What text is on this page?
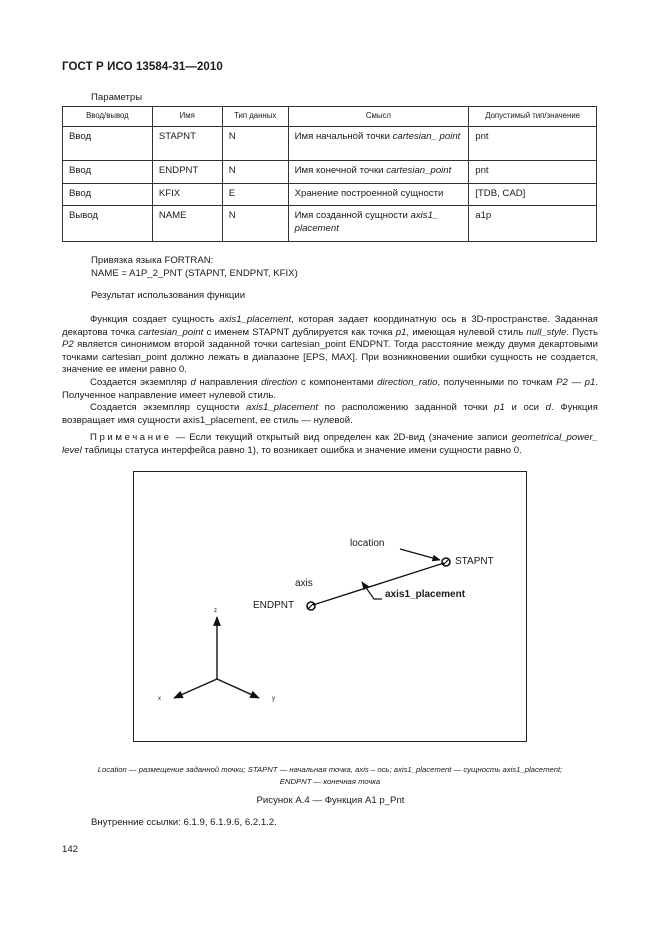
ГОСТ Р ИСО 13584-31—2010
Параметры
Ввод/вывод	Имя	Тип данных	Смысл	Допустимый тип/значение
Ввод	STAPNT	N	Имя начальной точки cartesian_ point	pnt
Ввод	ENDPNT	N	Имя конечной точки cartesian_point	pnt
Ввод	KFIX	E	Хранение построенной сущности	[TDB, CAD]
Вывод	NAME	N	Имя созданной сущности axis1_ placement	a1p
Привязка языка FORTRAN:
NAME = A1P_2_PNT (STAPNT, ENDPNT, KFIX)
Результат использования функции

Функция создает сущность axis1_placement, которая задает координатную ось в 3D-пространстве. Заданная декартова точка cartesian_point с именем STAPNT дублируется как точка p1, имеющая нулевой стиль null_style. Пусть P2 является синонимом второй заданной точки cartesian_point ENDPNT. Тогда расстояние между двумя декартовыми точками cartesian_point должно лежать в диапазоне [EPS, MAX]. При возникновении ошибки сущность не создается, значение ее имени равно 0.

Создается экземпляр d направления direction с компонентами direction_ratio, полученными по точкам P2 — p1. Полученное направление имеет нулевой стиль.

Создается экземпляр сущности axis1_placement по расположению заданной точки p1 и оси d. Функция возвращает имя сущности axis1_placement, ее стиль — нулевой.

Примечание — Если текущий открытый вид определен как 2D-вид (значение записи geometrical_power_ level таблицы статуса интерфейса равно 1), то возникает ошибка и значение имени сущности равно 0.

location
STAPNT
axis
ENDPNT
axis1_placement
z
x	y
Location — размещение заданной точки; STAPNT — начальная точка, axis – ось; axis1_placement — сущность axis1_placement;
ENDPNT — конечная точка
Рисунок А.4 — Функция A1 p_Pnt
Внутренние ссылки: 6.1.9, 6.1.9.6, 6.2.1.2.
142
